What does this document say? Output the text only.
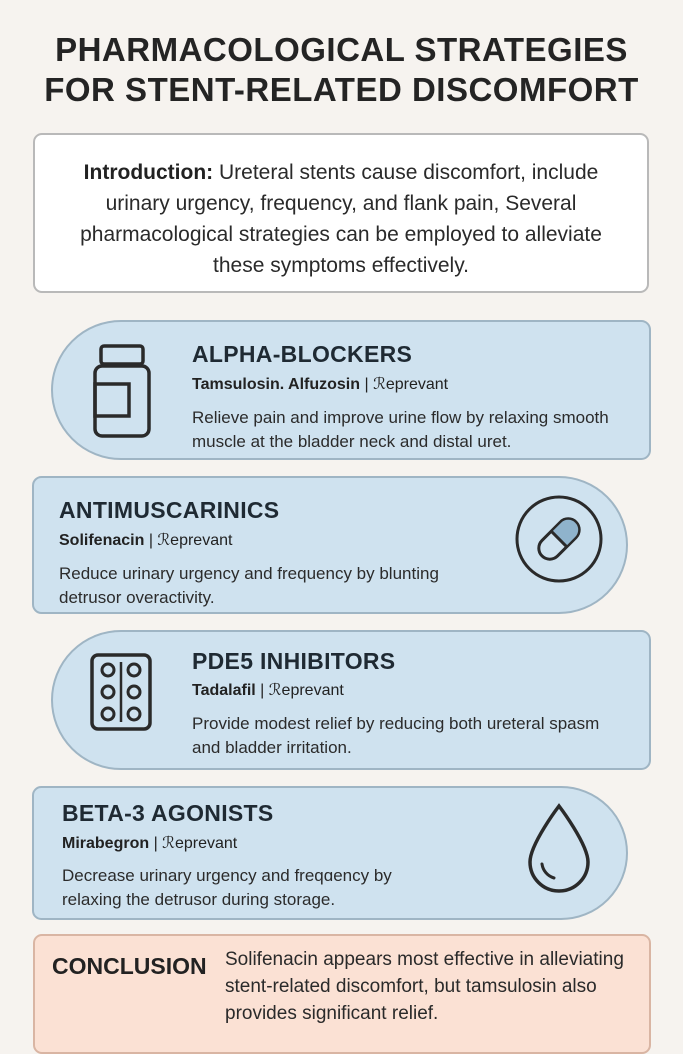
PHARMACOLOGICAL STRATEGIES
FOR STENT-RELATED DISCOMFORT
Introduction: Ureteral stents cause discomfort, include urinary urgency, frequency, and flank pain, Several pharmacological strategies can be employed to alleviate these symptoms effectively.
ALPHA-BLOCKERS
Tamsulosin. Alfuzosin | ℛeprevant
Relieve pain and improve urine flow by relaxing smooth muscle at the bladder neck and distal uret.
ANTIMUSCARINICS
Solifenacin | ℛeprevant
Reduce urinary urgency and frequency by blunting detrusor overactivity.
PDE5 INHIBITORS
Tadalafil | ℛeprevant
Provide modest relief by reducing both ureteral spasm and bladder irritation.
BETA-3 AGONISTS
Mirabegron | ℛeprevant
Decrease urinary urgency and freqɑency by relaxing the detrusor during storage.
CONCLUSION Solifenacin appears most effective in alleviating stent-related discomfort, but tamsulosin also provides significant relief.
